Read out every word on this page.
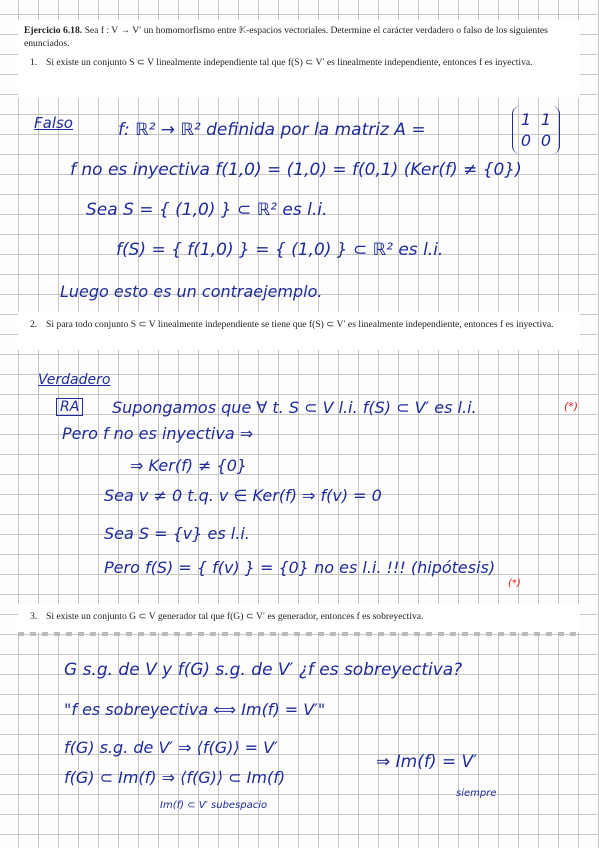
Ejercicio 6.18. Sea f : V → V′ un homomorfismo entre 𝕂-espacios vectoriales. Determine el carácter verdadero o falso de los siguientes enunciados.

1. Si existe un conjunto S ⊂ V linealmente independiente tal que f(S) ⊂ V′ es linealmente independiente, entonces f es inyectiva.
Falso	f: ℝ² → ℝ² definida por la matriz A =
1 1
0 0
f no es inyectiva f(1,0) = (1,0) = f(0,1) (Ker(f) ≠ {0})
Sea S = { (1,0) } ⊂ ℝ² es l.i.
f(S) = { f(1,0) } = { (1,0) } ⊂ ℝ² es l.i.
Luego esto es un contraejemplo.
2. Si para todo conjunto S ⊂ V linealmente independiente se tiene que f(S) ⊂ V′ es linealmente independiente, entonces f es inyectiva.
Verdadero
RA Supongamos que ∀ t. S ⊂ V l.i. f(S) ⊂ V′ es l.i.	(*)
Pero f no es inyectiva ⇒
⇒ Ker(f) ≠ {0}
Sea v ≠ 0 t.q. v ∈ Ker(f) ⇒ f(v) = 0
Sea S = {v} es l.i.
Pero f(S) = { f(v) } = {0} no es l.i. !!! (hipótesis)
(*)
3. Si existe un conjunto G ⊂ V generador tal que f(G) ⊂ V′ es generador, entonces f es sobreyectiva.
G s.g. de V y f(G) s.g. de V′ ¿f es sobreyectiva?
"f es sobreyectiva ⟺ Im(f) = V′"
f(G) s.g. de V′ ⇒ ⟨f(G)⟩ = V′
f(G) ⊂ Im(f) ⇒ ⟨f(G)⟩ ⊂ Im(f)
Im(f) ⊂ V′ subespacio
⇒ Im(f) = V′
siempre
